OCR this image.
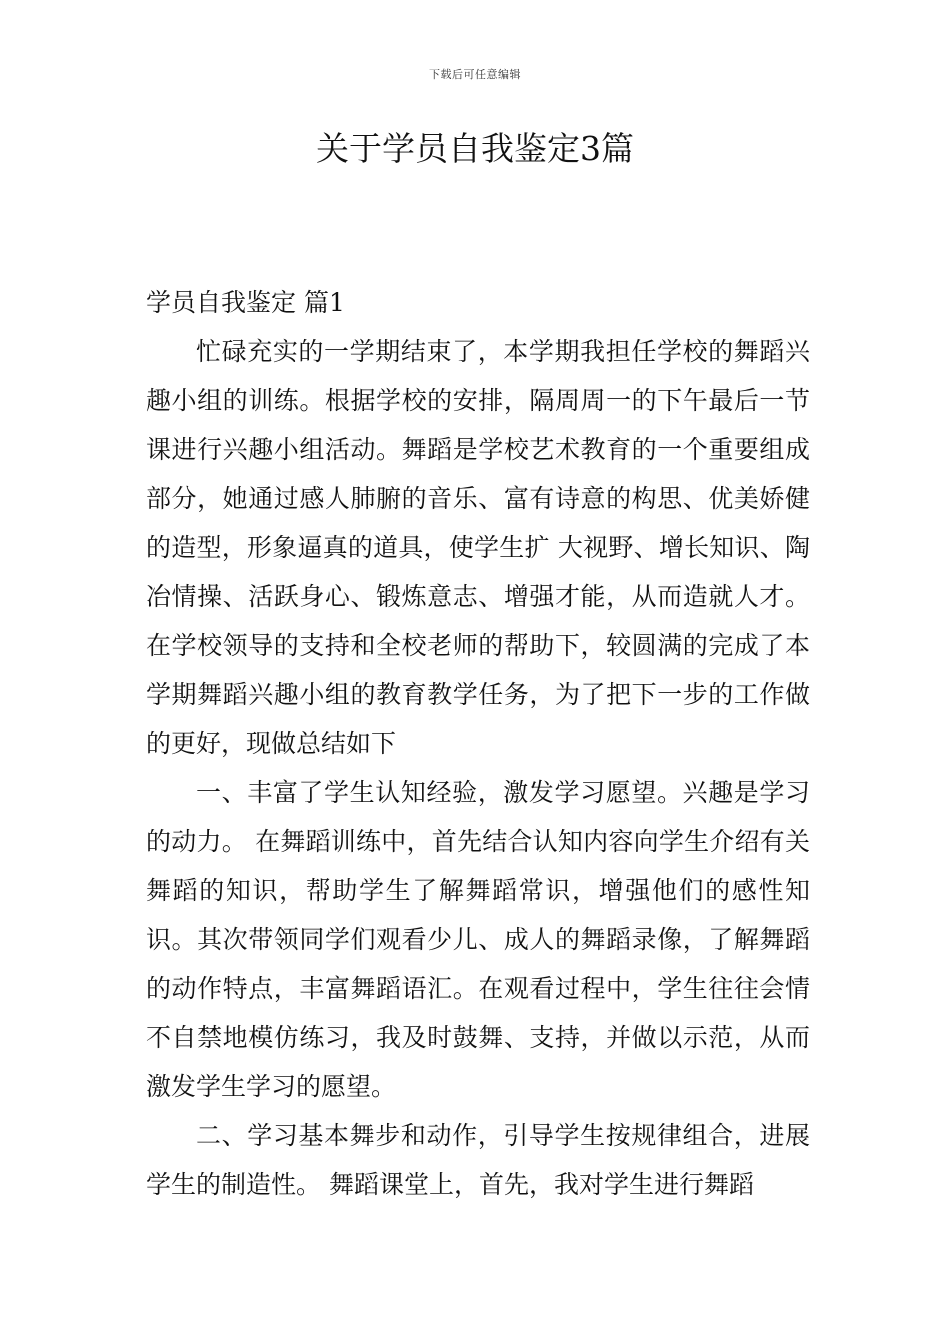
下载后可任意编辑
关于学员自我鉴定3篇
学员自我鉴定 篇1

忙碌充实的一学期结束了，本学期我担任学校的舞蹈兴趣小组的训练。根据学校的安排，隔周周一的下午最后一节课进行兴趣小组活动。舞蹈是学校艺术教育的一个重要组成部分，她通过感人肺腑的音乐、富有诗意的构思、优美娇健的造型，形象逼真的道具，使学生扩 大视野、增长知识、陶冶情操、活跃身心、锻炼意志、增强才能，从而造就人才。在学校领导的支持和全校老师的帮助下，较圆满的完成了本学期舞蹈兴趣小组的教育教学任务，为了把下一步的工作做的更好，现做总结如下

一、丰富了学生认知经验，激发学习愿望。兴趣是学习的动力。 在舞蹈训练中，首先结合认知内容向学生介绍有关舞蹈的知识，帮助学生了解舞蹈常识，增强他们的感性知识。其次带领同学们观看少儿、成人的舞蹈录像，了解舞蹈的动作特点，丰富舞蹈语汇。在观看过程中，学生往往会情不自禁地模仿练习，我及时鼓舞、支持，并做以示范，从而激发学生学习的愿望。

二、学习基本舞步和动作，引导学生按规律组合，进展学生的制造性。 舞蹈课堂上，首先，我对学生进行舞蹈
